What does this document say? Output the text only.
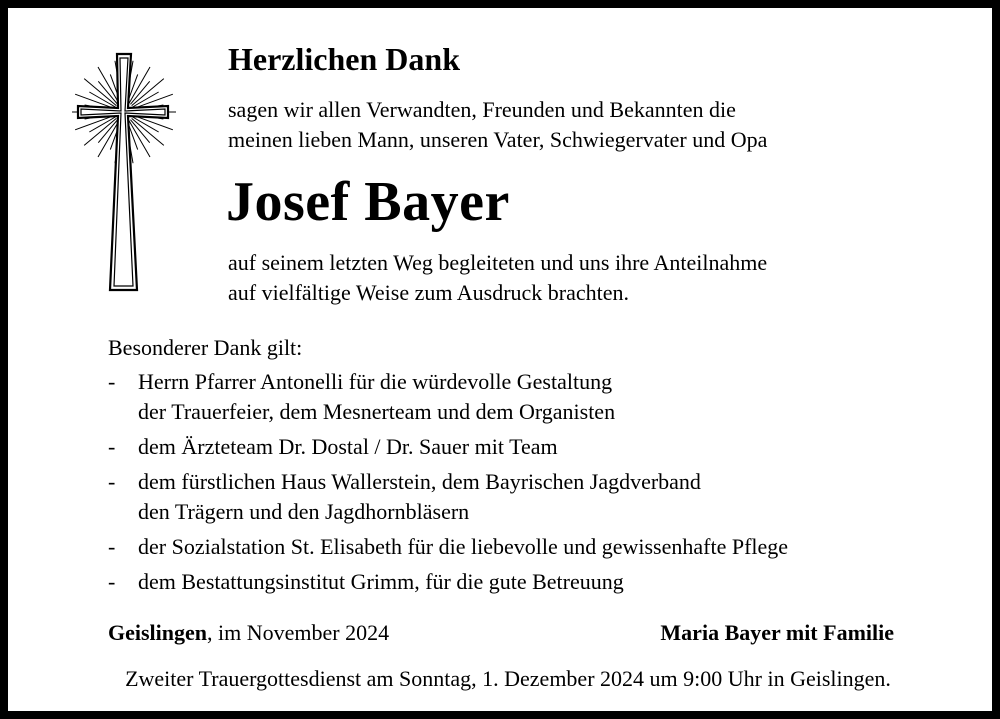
Herzlichen Dank
sagen wir allen Verwandten, Freunden und Bekannten die
meinen lieben Mann, unseren Vater, Schwiegervater und Opa
Josef Bayer
auf seinem letzten Weg begleiteten und uns ihre Anteilnahme
auf vielfältige Weise zum Ausdruck brachten.
Besonderer Dank gilt:
- Herrn Pfarrer Antonelli für die würdevolle Gestaltung
der Trauerfeier, dem Mesnerteam und dem Organisten
- dem Ärzteteam Dr. Dostal / Dr. Sauer mit Team
- dem fürstlichen Haus Wallerstein, dem Bayrischen Jagdverband
den Trägern und den Jagdhornbläsern
- der Sozialstation St. Elisabeth für die liebevolle und gewissenhafte Pflege
- dem Bestattungsinstitut Grimm, für die gute Betreuung
Geislingen, im November 2024	Maria Bayer mit Familie
Zweiter Trauergottesdienst am Sonntag, 1. Dezember 2024 um 9:00 Uhr in Geislingen.
